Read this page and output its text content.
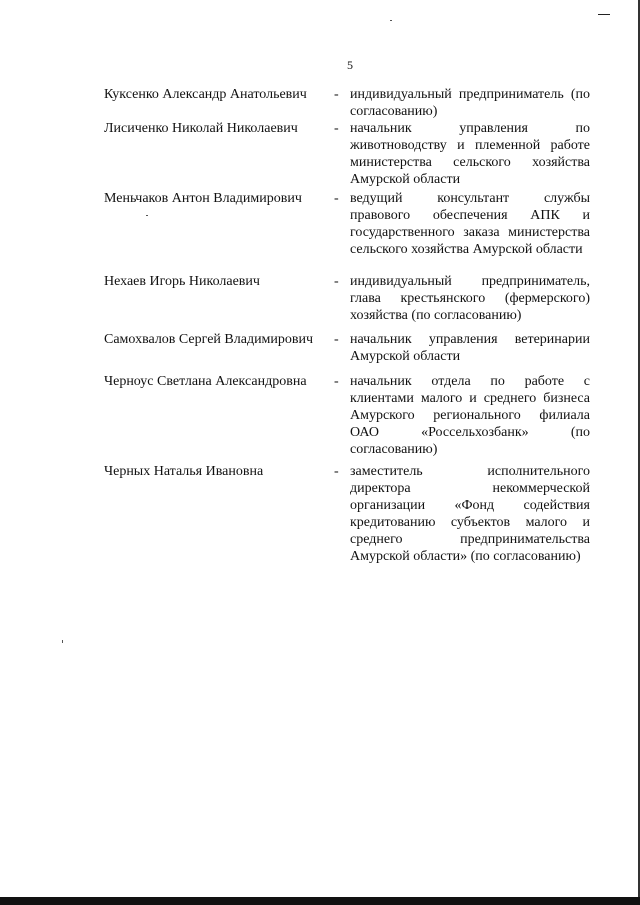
5
Куксенко Александр Анатольевич	- индивидуальный предприниматель (по согласованию)
Лисиченко Николай Николаевич	- начальник управления по животноводству и племенной работе министерства сельского хозяйства Амурской области
Меньчаков Антон Владимирович	- ведущий консультант службы правового обеспечения АПК и государственного заказа министерства сельского хозяйства Амурской области
Нехаев Игорь Николаевич	- индивидуальный предприниматель, глава крестьянского (фермерского) хозяйства (по согласованию)
Самохвалов Сергей Владимирович	- начальник управления ветеринарии Амурской области
Черноус Светлана Александровна	- начальник отдела по работе с клиентами малого и среднего бизнеса Амурского регионального филиала ОАО «Россельхозбанк» (по согласованию)
Черных Наталья Ивановна	- заместитель исполнительного директора некоммерческой организации «Фонд содействия кредитованию субъектов малого и среднего предпринимательства Амурской области» (по согласованию)
